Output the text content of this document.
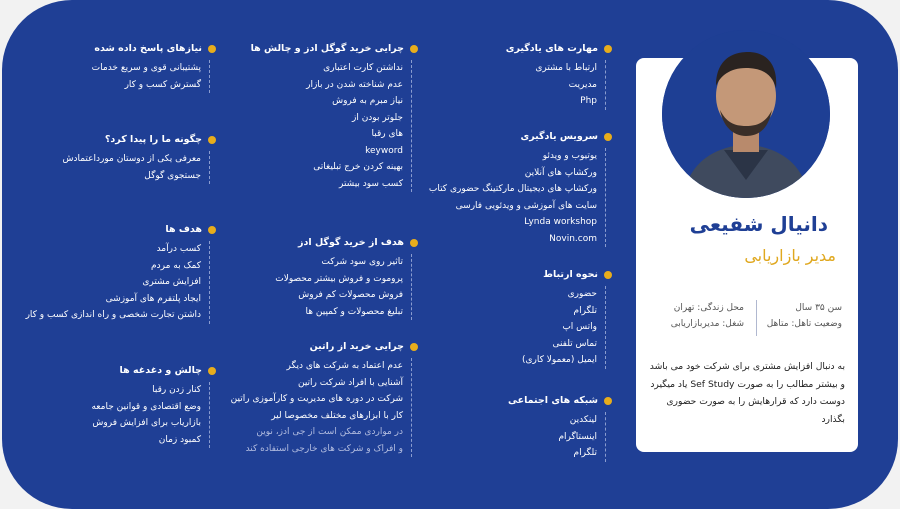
دانیال شفیعی

مدیر بازاریابی

سن ۳۵ سال
وضعیت تاهل: متاهل
محل زندگی: تهران
شغل: مدیربازاریابی

به دنبال افزایش مشتری برای شرکت خود می باشد و بیشتر مطالب را به صورت Sef Study یاد میگیرد دوست دارد که قرارهایش را به صورت حضوری بگذارد

مهارت های یادگیری

ارتباط با مشتری
مدیریت
Php

سرویس یادگیری

یوتیوب و ویدئو
ورکشاپ های آنلاین
ورکشاپ های دیجیتال مارکتینگ حضوری کتاب
سایت های آموزشی و ویدئویی فارسی
Lynda workshop
Novin.com

نحوه ارتباط

حضوری
تلگرام
واتس اپ
تماس تلفنی
ایمیل (معمولا کاری)

شبکه های اجتماعی

لینکدین
اینستاگرام
تلگرام

چرایی خرید گوگل ادز و چالش ها

نداشتن کارت اعتباری
عدم شناخته شدن در بازار
نیاز مبرم به فروش
جلوتر بودن از
های رقبا
keyword
بهینه کردن خرج تبلیغاتی
کسب سود بیشتر

هدف از خرید گوگل ادز

تاثیر روی سود شرکت
پروموت و فروش بیشتر محصولات
فروش محصولات کم فروش
تبلیغ محصولات و کمپین ها

چرایی خرید از راتین

عدم اعتماد به شرکت های دیگر
آشنایی با افراد شرکت راتین
شرکت در دوره های مدیریت و کارآموزی راتین
کار با ابزارهای مختلف مخصوصا لیر
در مواردی ممکن است از جی ادز، نوین
و افراک و شرکت های خارجی استفاده کند

نیازهای پاسخ داده شده

پشتیبانی قوی و سریع خدمات
گسترش کسب و کار

چگونه ما را پیدا کرد؟

معرفی یکی از دوستان مورداعتمادش
جستجوی گوگل

هدف ها

کسب درآمد
کمک به مردم
افزایش مشتری
ایجاد پلتفرم های آموزشی
داشتن تجارت شخصی و راه اندازی کسب و کار

چالش و دغدغه ها

کنار زدن رقبا
وضع اقتصادی و قوانین جامعه
بازاریاب برای افزایش فروش
کمبود زمان
